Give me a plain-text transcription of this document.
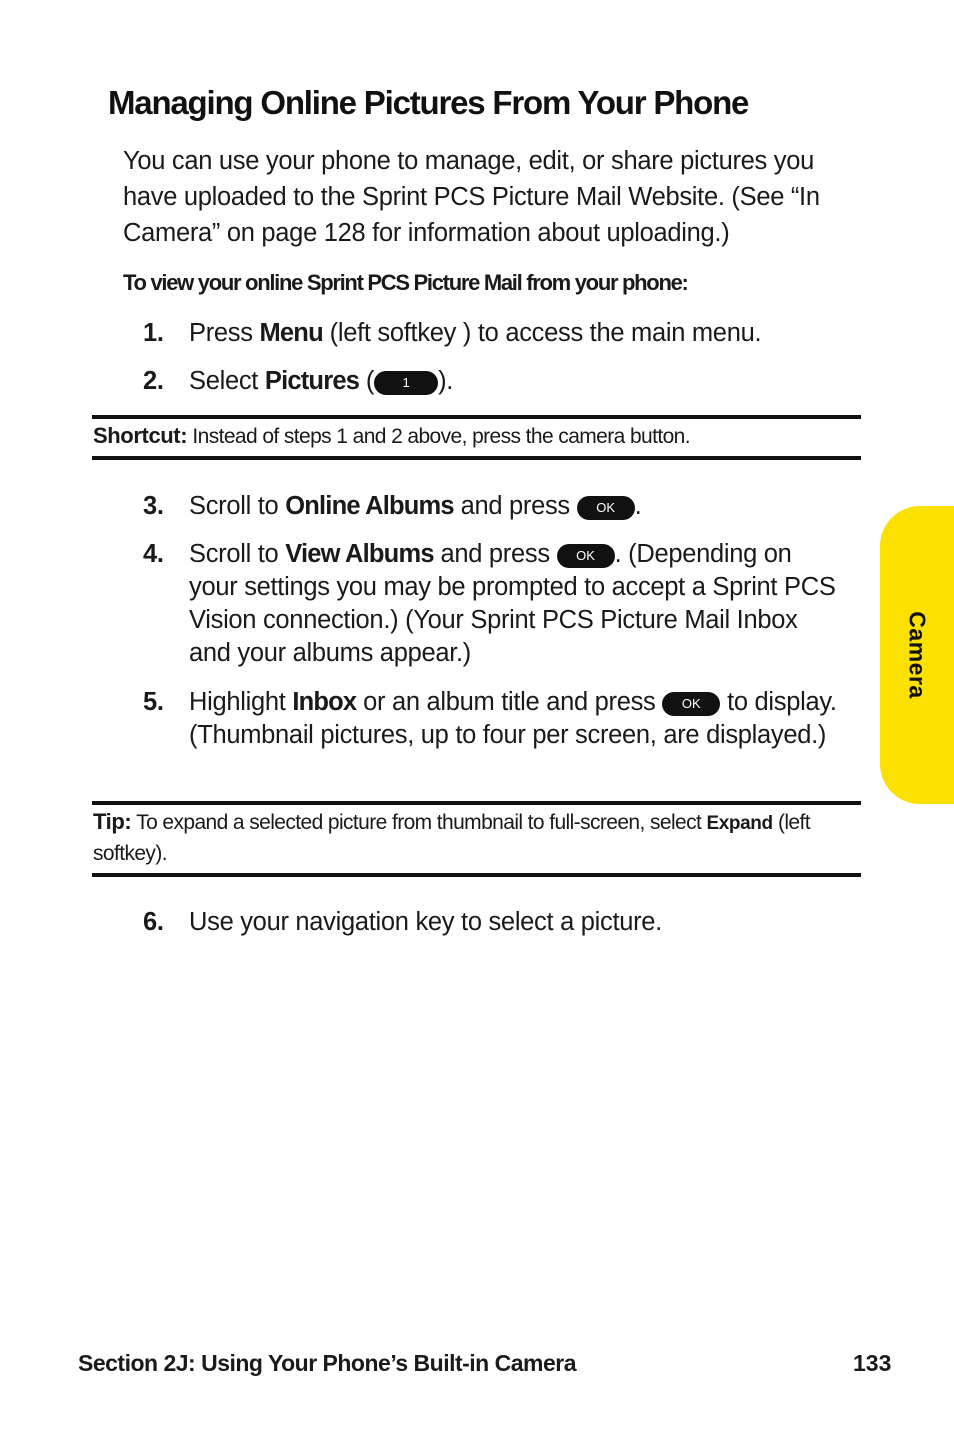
Managing Online Pictures From Your Phone

You can use your phone to manage, edit, or share pictures you have uploaded to the Sprint PCS Picture Mail Website. (See “In Camera” on page 128 for information about uploading.)

To view your online Sprint PCS Picture Mail from your phone:

1. Press Menu (left softkey ) to access the main menu.
2. Select Pictures ( 1 ).
Shortcut: Instead of steps 1 and 2 above, press the camera button.
3. Scroll to Online Albums and press OK .
4. Scroll to View Albums and press OK . (Depending on your settings you may be prompted to accept a Sprint PCS Vision connection.) (Your Sprint PCS Picture Mail Inbox and your albums appear.)
5. Highlight Inbox or an album title and press OK to display. (Thumbnail pictures, up to four per screen, are displayed.)
Tip: To expand a selected picture from thumbnail to full-screen, select Expand (left softkey).
6. Use your navigation key to select a picture.
Camera
Section 2J: Using Your Phone’s Built-in Camera	133
